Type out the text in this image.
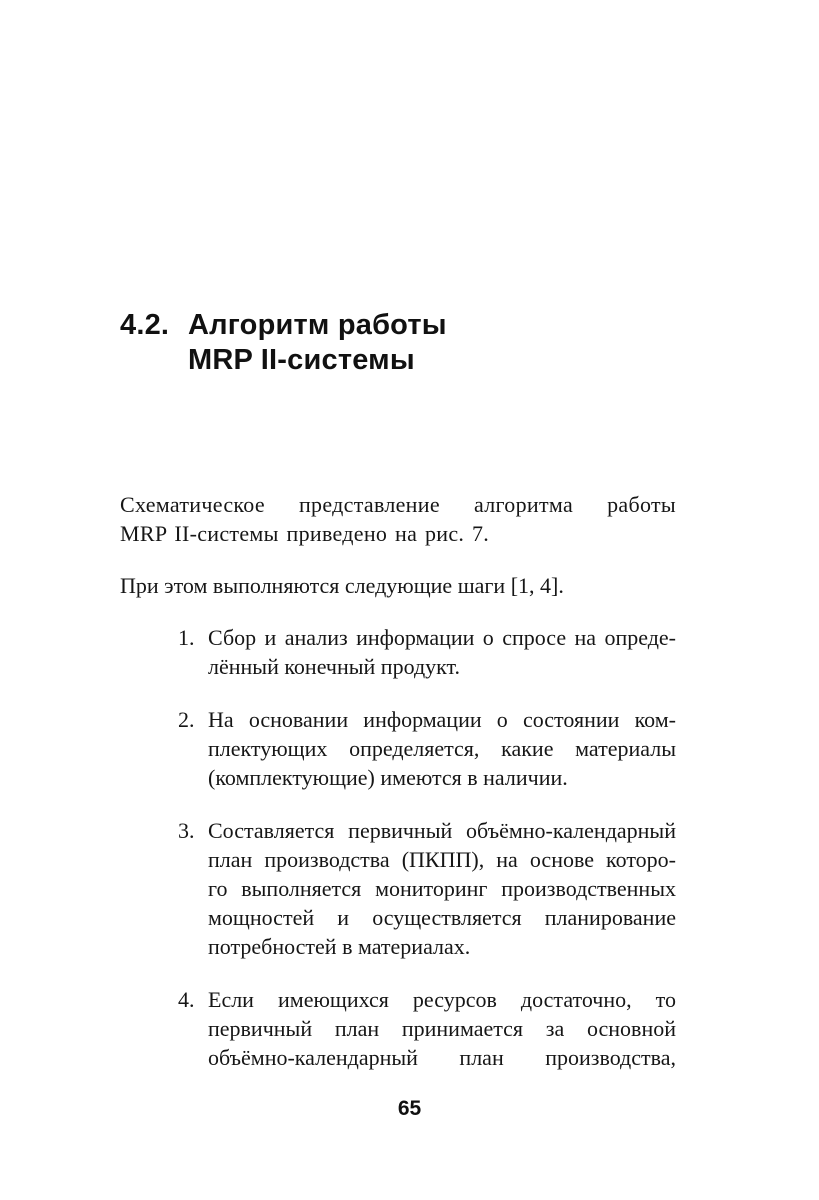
4.2. Алгоритм работы
MRP II-системы
Схематическое представление алгоритма работы
MRP II-системы приведено на рис. 7.
При этом выполняются следующие шаги [1, 4].
1. Сбор и анализ информации о спросе на опреде-
лённый конечный продукт.
2. На основании информации о состоянии ком-
плектующих определяется, какие материалы
(комплектующие) имеются в наличии.
3. Составляется первичный объёмно-календарный
план производства (ПКПП), на основе которо-
го выполняется мониторинг производственных
мощностей и осуществляется планирование
потребностей в материалах.
4. Если имеющихся ресурсов достаточно, то
первичный план принимается за основной
объёмно-календарный план производства,
65
